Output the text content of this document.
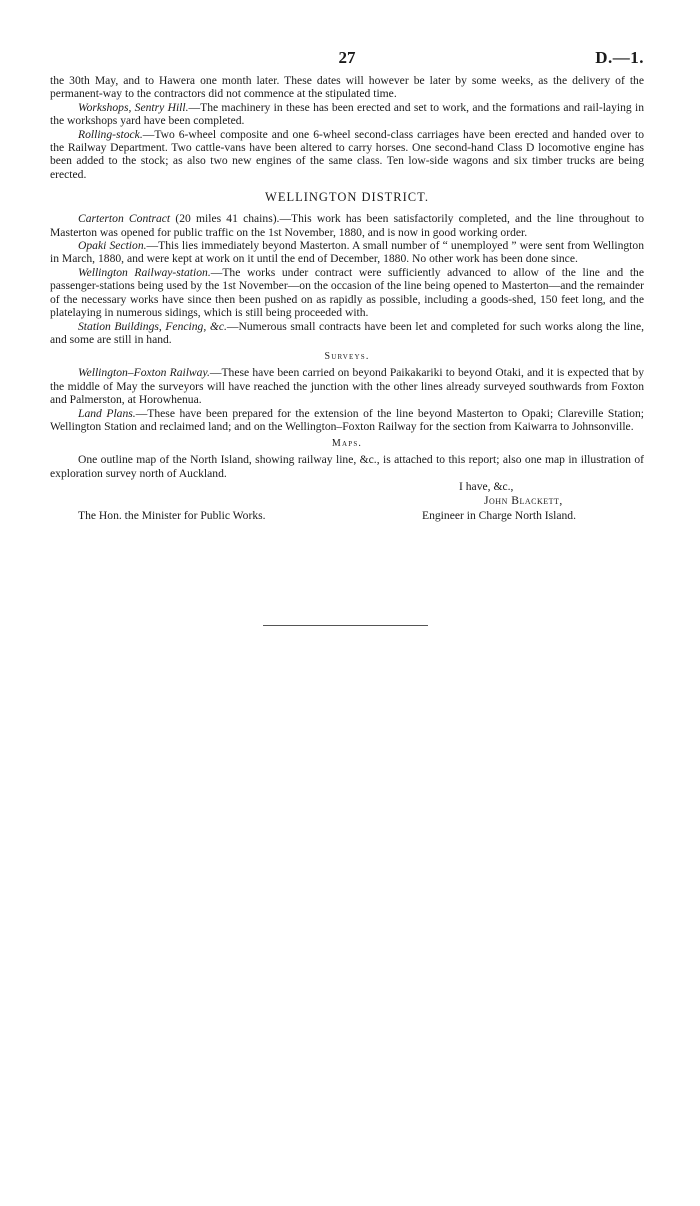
27	D.—1.

the 30th May, and to Hawera one month later. These dates will however be later by some weeks, as the delivery of the permanent-way to the contractors did not commence at the stipulated time.

Workshops, Sentry Hill.—The machinery in these has been erected and set to work, and the formations and rail-laying in the workshops yard have been completed.

Rolling-stock.—Two 6-wheel composite and one 6-wheel second-class carriages have been erected and handed over to the Railway Department. Two cattle-vans have been altered to carry horses. One second-hand Class D locomotive engine has been added to the stock; as also two new engines of the same class. Ten low-side wagons and six timber trucks are being erected.

WELLINGTON DISTRICT.

Carterton Contract (20 miles 41 chains).—This work has been satisfactorily completed, and the line throughout to Masterton was opened for public traffic on the 1st November, 1880, and is now in good working order.

Opaki Section.—This lies immediately beyond Masterton. A small number of “ unemployed ” were sent from Wellington in March, 1880, and were kept at work on it until the end of December, 1880. No other work has been done since.

Wellington Railway-station.—The works under contract were sufficiently advanced to allow of the line and the passenger-stations being used by the 1st November—on the occasion of the line being opened to Masterton—and the remainder of the necessary works have since then been pushed on as rapidly as possible, including a goods-shed, 150 feet long, and the platelaying in numerous sidings, which is still being proceeded with.

Station Buildings, Fencing, &c.—Numerous small contracts have been let and completed for such works along the line, and some are still in hand.

Surveys.

Wellington–Foxton Railway.—These have been carried on beyond Paikakariki to beyond Otaki, and it is expected that by the middle of May the surveyors will have reached the junction with the other lines already surveyed southwards from Foxton and Palmerston, at Horowhenua.

Land Plans.—These have been prepared for the extension of the line beyond Masterton to Opaki; Clareville Station; Wellington Station and reclaimed land; and on the Wellington–Foxton Railway for the section from Kaiwarra to Johnsonville.

Maps.

One outline map of the North Island, showing railway line, &c., is attached to this report; also one map in illustration of exploration survey north of Auckland.

I have, &c.,
John Blackett,
The Hon. the Minister for Public Works.	Engineer in Charge North Island.
